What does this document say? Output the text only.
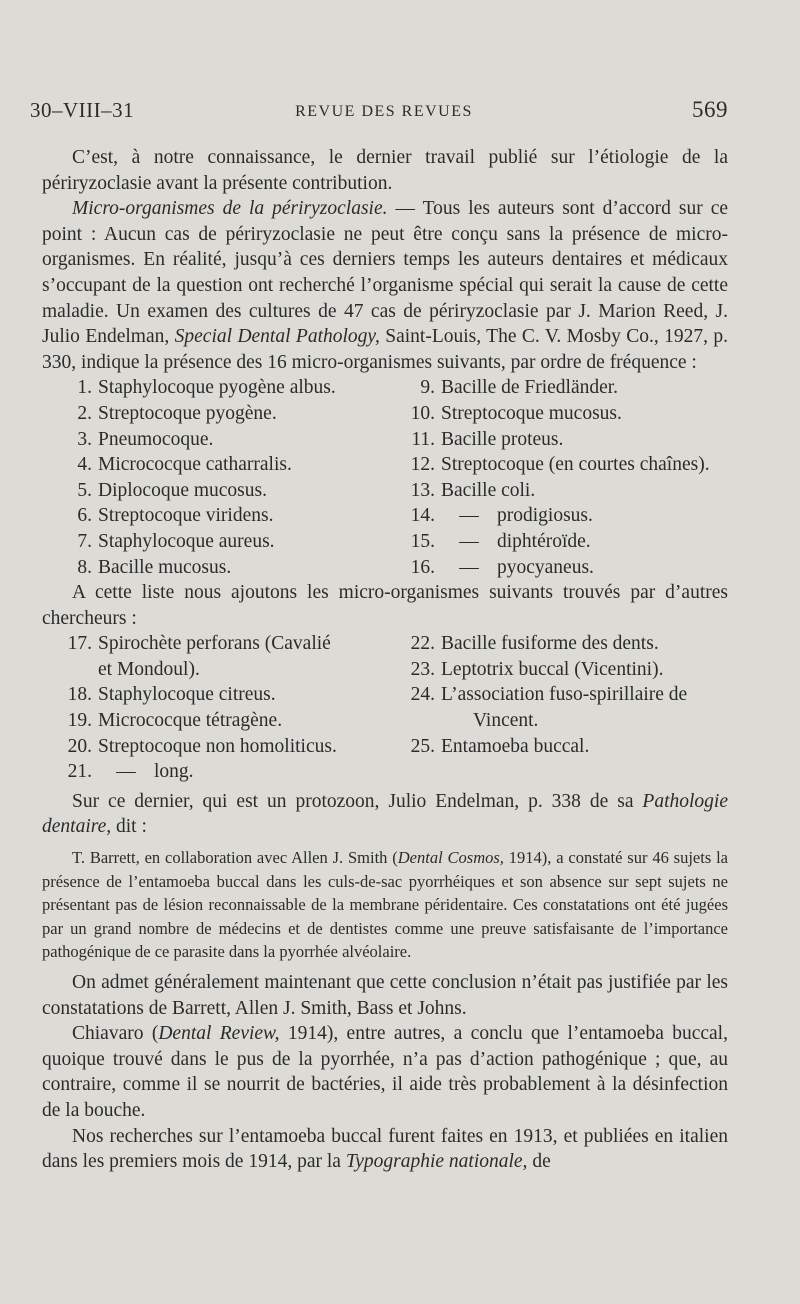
30–VIII–31	REVUE DES REVUES	569

C’est, à notre connaissance, le dernier travail publié sur l’étiologie de la périryzoclasie avant la présente contribution.

Micro-organismes de la périryzoclasie. — Tous les auteurs sont d’accord sur ce point : Aucun cas de périryzoclasie ne peut être conçu sans la présence de micro-organismes. En réalité, jusqu’à ces derniers temps les auteurs dentaires et médicaux s’occupant de la question ont recherché l’organisme spécial qui serait la cause de cette maladie. Un examen des cultures de 47 cas de périryzoclasie par J. Marion Reed, J. Julio Endelman, Special Dental Pathology, Saint-Louis, The C. V. Mosby Co., 1927, p. 330, indique la présence des 16 micro-organismes suivants, par ordre de fréquence :

1. Staphylocoque pyogène albus.
2. Streptocoque pyogène.
3. Pneumocoque.
4. Micrococque catharralis.
5. Diplocoque mucosus.
6. Streptocoque viridens.
7. Staphylocoque aureus.
8. Bacille mucosus.
9. Bacille de Friedländer.
10. Streptocoque mucosus.
11. Bacille proteus.
12. Streptocoque (en courtes chaînes).
13. Bacille coli.
14.	— prodigiosus.
15.	— diphtéroïde.
16.	— pyocyaneus.

A cette liste nous ajoutons les micro-organismes suivants trouvés par d’autres chercheurs :

17. Spirochète perforans (Cavalié
et Mondoul).
18. Staphylocoque citreus.
19. Micrococque tétragène.
20. Streptocoque non homoliticus.
21.	— long.
22. Bacille fusiforme des dents.
23. Leptotrix buccal (Vicentini).
24. L’association fuso-spirillaire de
Vincent.
25. Entamoeba buccal.

Sur ce dernier, qui est un protozoon, Julio Endelman, p. 338 de sa Pathologie dentaire, dit :

T. Barrett, en collaboration avec Allen J. Smith (Dental Cosmos, 1914), a constaté sur 46 sujets la présence de l’entamoeba buccal dans les culs-de-sac pyorrhéiques et son absence sur sept sujets ne présentant pas de lésion reconnaissable de la membrane péridentaire. Ces constatations ont été jugées par un grand nombre de médecins et de dentistes comme une preuve satisfaisante de l’importance pathogénique de ce parasite dans la pyorrhée alvéolaire.

On admet généralement maintenant que cette conclusion n’était pas justifiée par les constatations de Barrett, Allen J. Smith, Bass et Johns.

Chiavaro (Dental Review, 1914), entre autres, a conclu que l’entamoeba buccal, quoique trouvé dans le pus de la pyorrhée, n’a pas d’action pathogénique ; que, au contraire, comme il se nourrit de bactéries, il aide très probablement à la désinfection de la bouche.

Nos recherches sur l’entamoeba buccal furent faites en 1913, et publiées en italien dans les premiers mois de 1914, par la Typographie nationale, de
